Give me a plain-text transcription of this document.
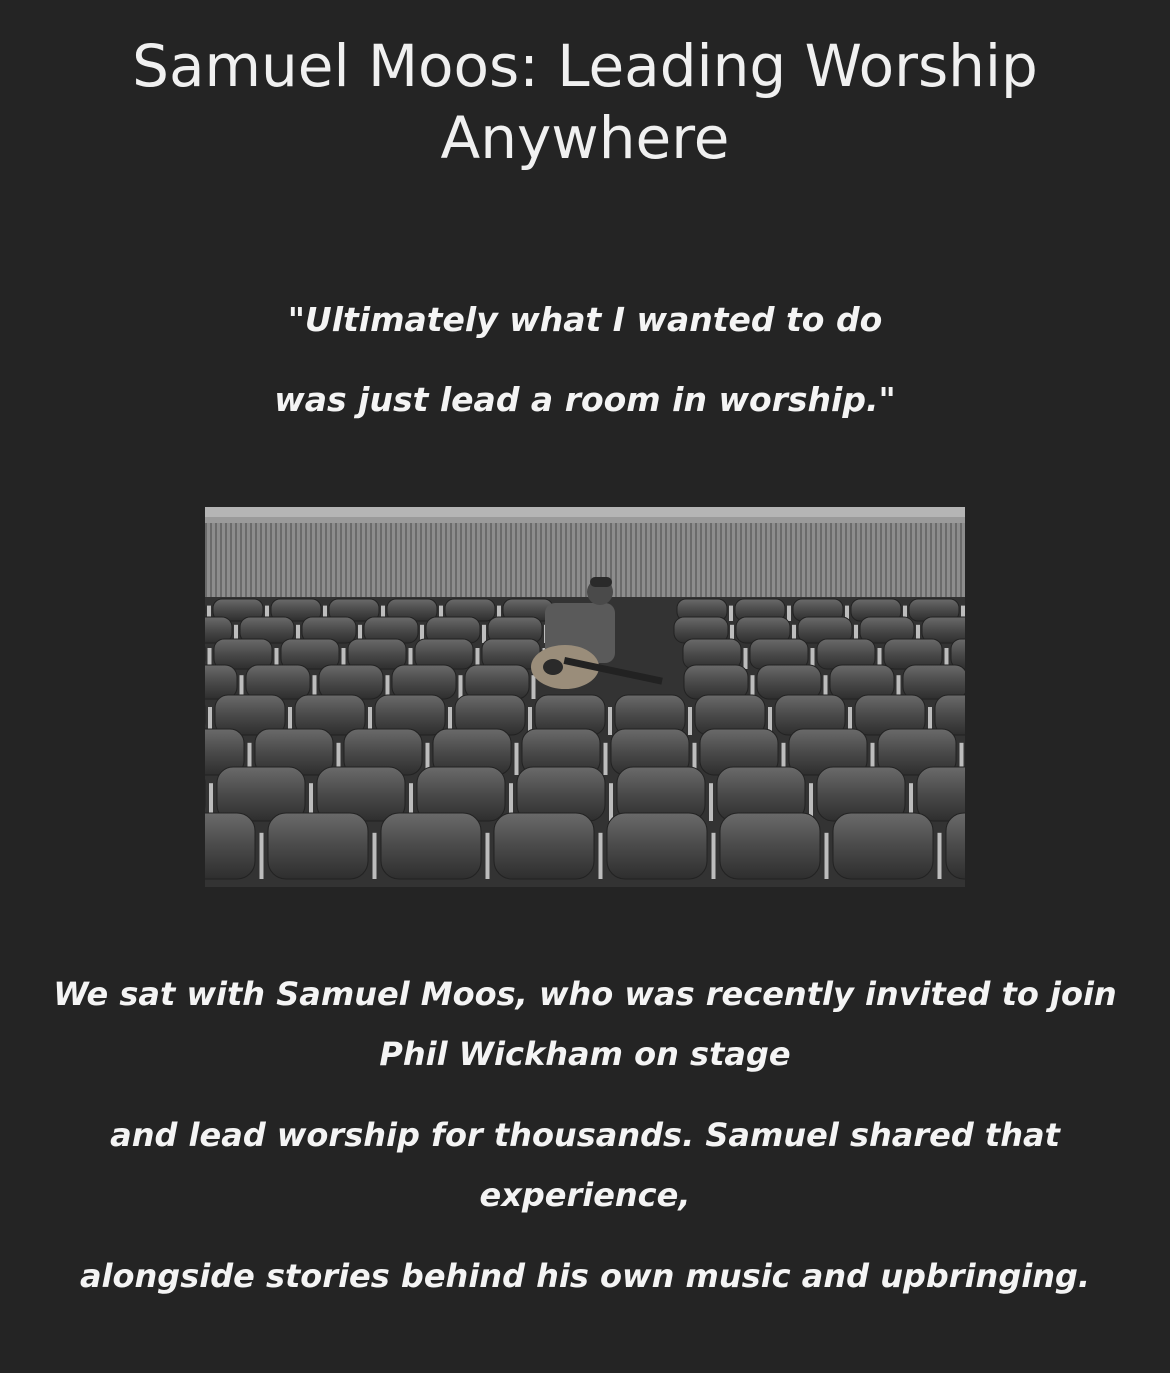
Samuel Moos: Leading Worship Anywhere

"Ultimately what I wanted to do

was just lead a room in worship."

We sat with Samuel Moos, who was recently invited to join Phil Wickham on stage

and lead worship for thousands. Samuel shared that experience,

alongside stories behind his own music and upbringing.
